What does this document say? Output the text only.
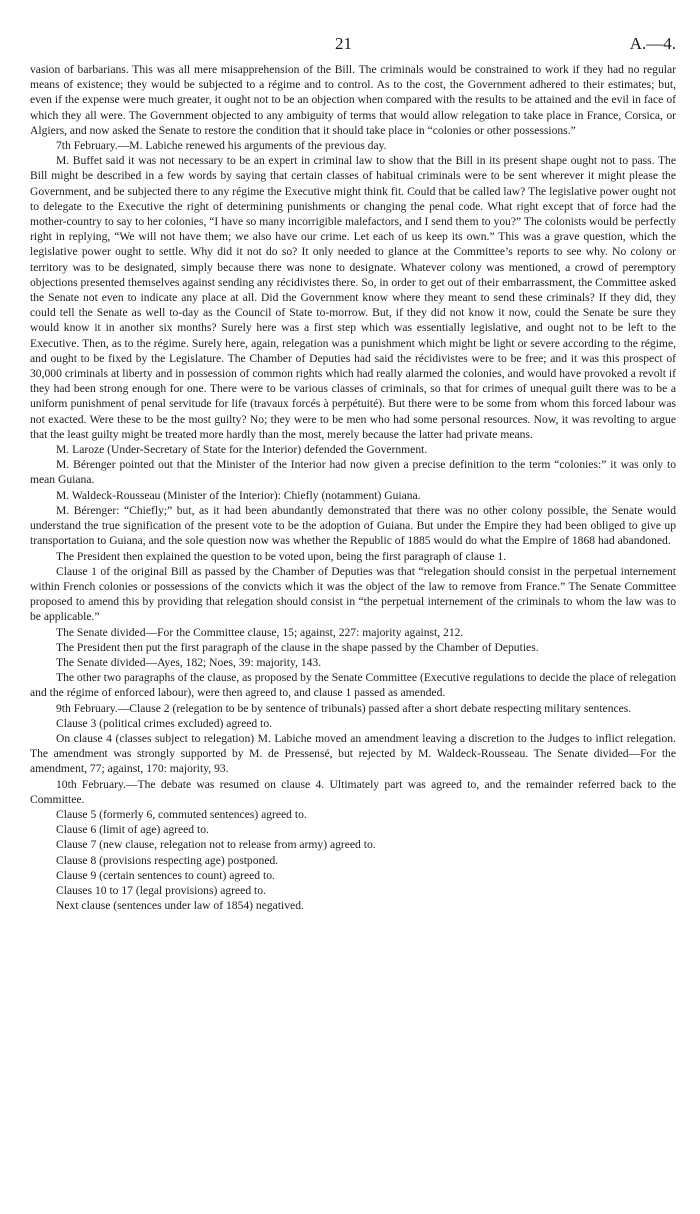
21	A.—4.

vasion of barbarians. This was all mere misapprehension of the Bill. The criminals would be constrained to work if they had no regular means of existence; they would be subjected to a régime and to control. As to the cost, the Government adhered to their estimates; but, even if the expense were much greater, it ought not to be an objection when compared with the results to be attained and the evil in face of which they all were. The Government objected to any ambiguity of terms that would allow relegation to take place in France, Corsica, or Algiers, and now asked the Senate to restore the condition that it should take place in “colonies or other possessions.”

7th February.—M. Labiche renewed his arguments of the previous day.

M. Buffet said it was not necessary to be an expert in criminal law to show that the Bill in its present shape ought not to pass. The Bill might be described in a few words by saying that certain classes of habitual criminals were to be sent wherever it might please the Government, and be subjected there to any régime the Executive might think fit. Could that be called law? The legislative power ought not to delegate to the Executive the right of determining punishments or changing the penal code. What right except that of force had the mother-country to say to her colonies, “I have so many incorrigible malefactors, and I send them to you?” The colonists would be perfectly right in replying, “We will not have them; we also have our crime. Let each of us keep its own.” This was a grave question, which the legislative power ought to settle. Why did it not do so? It only needed to glance at the Committee’s reports to see why. No colony or territory was to be designated, simply because there was none to designate. Whatever colony was mentioned, a crowd of peremptory objections presented themselves against sending any récidivistes there. So, in order to get out of their embarrassment, the Committee asked the Senate not even to indicate any place at all. Did the Government know where they meant to send these criminals? If they did, they could tell the Senate as well to-day as the Council of State to-morrow. But, if they did not know it now, could the Senate be sure they would know it in another six months? Surely here was a first step which was essentially legislative, and ought not to be left to the Executive. Then, as to the régime. Surely here, again, relegation was a punishment which might be light or severe according to the régime, and ought to be fixed by the Legislature. The Chamber of Deputies had said the récidivistes were to be free; and it was this prospect of 30,000 criminals at liberty and in possession of common rights which had really alarmed the colonies, and would have provoked a revolt if they had been strong enough for one. There were to be various classes of criminals, so that for crimes of unequal guilt there was to be a uniform punishment of penal servitude for life (travaux forcés à perpétuité). But there were to be some from whom this forced labour was not exacted. Were these to be the most guilty? No; they were to be men who had some personal resources. Now, it was revolting to argue that the least guilty might be treated more hardly than the most, merely because the latter had private means.

M. Laroze (Under-Secretary of State for the Interior) defended the Government.

M. Bérenger pointed out that the Minister of the Interior had now given a precise definition to the term “colonies:” it was only to mean Guiana.

M. Waldeck-Rousseau (Minister of the Interior): Chiefly (notamment) Guiana.

M. Bérenger: “Chiefly;” but, as it had been abundantly demonstrated that there was no other colony possible, the Senate would understand the true signification of the present vote to be the adoption of Guiana. But under the Empire they had been obliged to give up transportation to Guiana, and the sole question now was whether the Republic of 1885 would do what the Empire of 1868 had abandoned.

The President then explained the question to be voted upon, being the first paragraph of clause 1.

Clause 1 of the original Bill as passed by the Chamber of Deputies was that “relegation should consist in the perpetual internement within French colonies or possessions of the convicts which it was the object of the law to remove from France.” The Senate Committee proposed to amend this by providing that relegation should consist in “the perpetual internement of the criminals to whom the law was to be applicable.”

The Senate divided—For the Committee clause, 15; against, 227: majority against, 212.

The President then put the first paragraph of the clause in the shape passed by the Chamber of Deputies.

The Senate divided—Ayes, 182; Noes, 39: majority, 143.

The other two paragraphs of the clause, as proposed by the Senate Committee (Executive regulations to decide the place of relegation and the régime of enforced labour), were then agreed to, and clause 1 passed as amended.

9th February.—Clause 2 (relegation to be by sentence of tribunals) passed after a short debate respecting military sentences.

Clause 3 (political crimes excluded) agreed to.

On clause 4 (classes subject to relegation) M. Labiche moved an amendment leaving a discretion to the Judges to inflict relegation. The amendment was strongly supported by M. de Pressensé, but rejected by M. Waldeck-Rousseau. The Senate divided—For the amendment, 77; against, 170: majority, 93.

10th February.—The debate was resumed on clause 4. Ultimately part was agreed to, and the remainder referred back to the Committee.

Clause 5 (formerly 6, commuted sentences) agreed to.

Clause 6 (limit of age) agreed to.

Clause 7 (new clause, relegation not to release from army) agreed to.

Clause 8 (provisions respecting age) postponed.

Clause 9 (certain sentences to count) agreed to.

Clauses 10 to 17 (legal provisions) agreed to.

Next clause (sentences under law of 1854) negatived.
